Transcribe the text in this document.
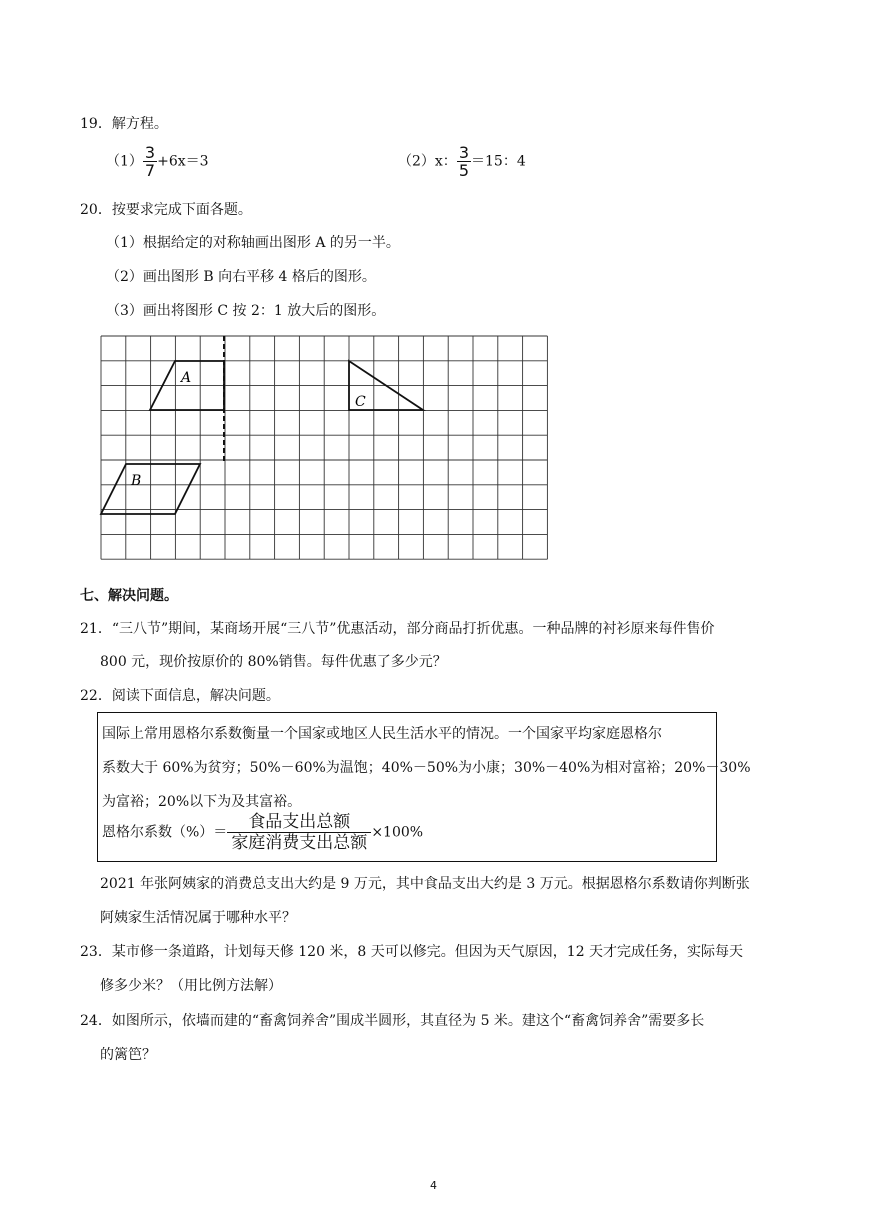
19．解方程。
$(1) \frac{3}{7} +6x=3$	（2）x： $\frac{3}{5} =15$：4
20．按要求完成下面各题。
（1）根据给定的对称轴画出图形 A 的另一半。
（2）画出图形 B 向右平移 4 格后的图形。
（3）画出将图形 C 按 2：1 放大后的图形。
A
B
C
七、解决问题。
21．“三八节”期间，某商场开展“三八节”优惠活动，部分商品打折优惠。一种品牌的衬衫原来每件售价
800 元，现价按原价的 80%销售。每件优惠了多少元？
22．阅读下面信息，解决问题。
国际上常用恩格尔系数衡量一个国家或地区人民生活水平的情况。一个国家平均家庭恩格尔
系数大于 60%为贫穷；50%－60%为温饱；40%－50%为小康；30%－40%为相对富裕；20%－30%
为富裕；20%以下为及其富裕。
恩格尔系数（%）＝ $\frac{\text{食品支出总额}}{\text{家庭消费支出总额}} \times 100\%$
2021 年张阿姨家的消费总支出大约是 9 万元，其中食品支出大约是 3 万元。根据恩格尔系数请你判断张
阿姨家生活情况属于哪种水平？
23．某市修一条道路，计划每天修 120 米，8 天可以修完。但因为天气原因，12 天才完成任务，实际每天
修多少米？（用比例方法解）
24．如图所示，依墙而建的“畜禽饲养舍”围成半圆形，其直径为 5 米。建这个“畜禽饲养舍”需要多长
的篱笆？
4
